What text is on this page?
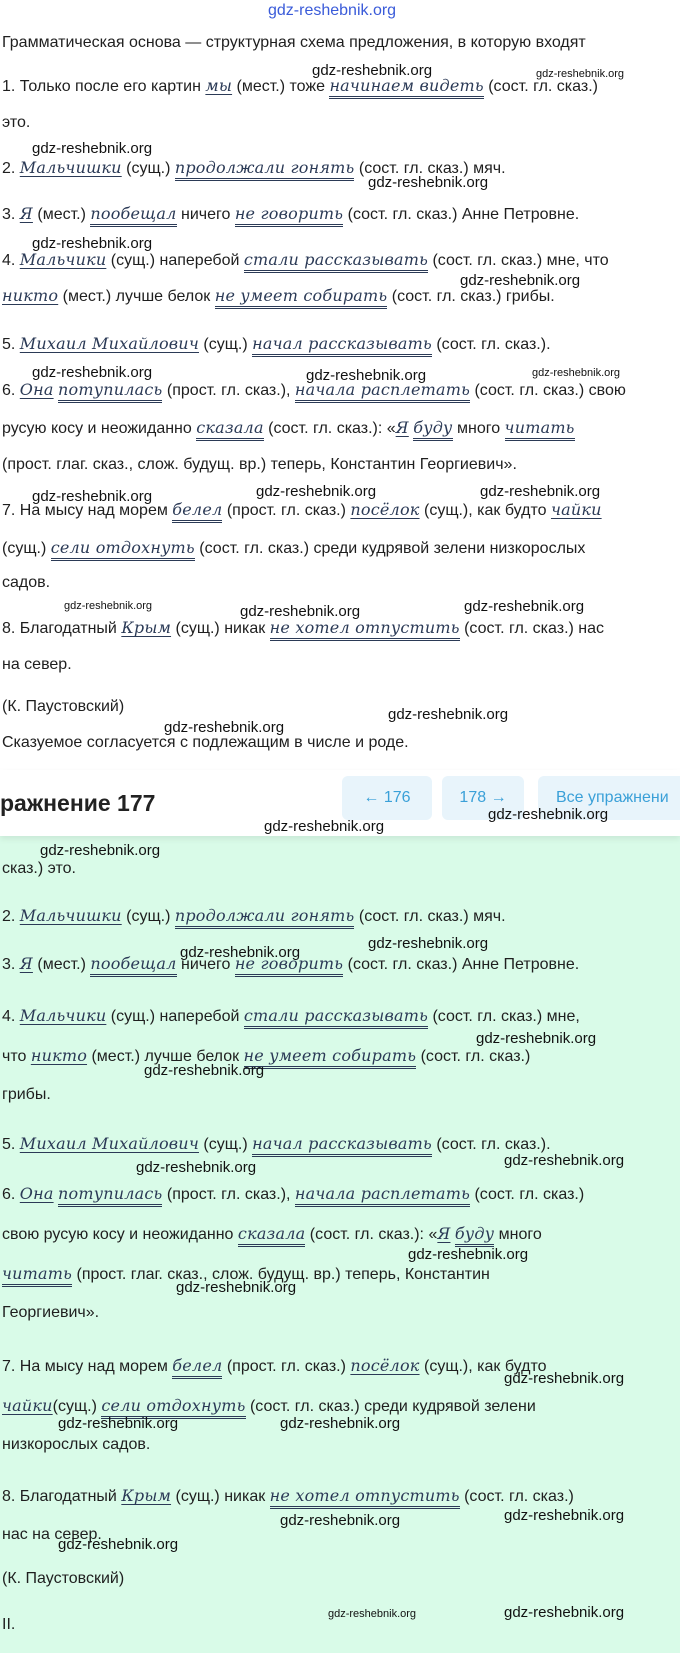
gdz-reshebnik.org
Грамматическая основа — структурная схема предложения, в которую входят
1. Только после его картин мы (мест.) тоже начинаем видеть (сост. гл. сказ.)
это.
2. Мальчишки (сущ.) продолжали гонять (сост. гл. сказ.) мяч.
3. Я (мест.) пообещал ничего не говорить (сост. гл. сказ.) Анне Петровне.
4. Мальчики (сущ.) наперебой стали рассказывать (сост. гл. сказ.) мне, что
никто (мест.) лучше белок не умеет собирать (сост. гл. сказ.) грибы.
5. Михаил Михайлович (сущ.) начал рассказывать (сост. гл. сказ.).
6. Она потупилась (прост. гл. сказ.), начала расплетать (сост. гл. сказ.) свою
русую косу и неожиданно сказала (сост. гл. сказ.): «Я буду много читать
(прост. глаг. сказ., слож. будущ. вр.) теперь, Константин Георгиевич».
7. На мысу над морем белел (прост. гл. сказ.) посёлок (сущ.), как будто чайки
(сущ.) сели отдохнуть (сост. гл. сказ.) среди кудрявой зелени низкорослых
садов.
8. Благодатный Крым (сущ.) никак не хотел отпустить (сост. гл. сказ.) нас
на север.
(К. Паустовский)
Сказуемое согласуется с подлежащим в числе и роде.
сказ.) это.
2. Мальчишки (сущ.) продолжали гонять (сост. гл. сказ.) мяч.
3. Я (мест.) пообещал ничего не говорить (сост. гл. сказ.) Анне Петровне.
4. Мальчики (сущ.) наперебой стали рассказывать (сост. гл. сказ.) мне,
что никто (мест.) лучше белок не умеет собирать (сост. гл. сказ.)
грибы.
5. Михаил Михайлович (сущ.) начал рассказывать (сост. гл. сказ.).
6. Она потупилась (прост. гл. сказ.), начала расплетать (сост. гл. сказ.)
свою русую косу и неожиданно сказала (сост. гл. сказ.): «Я буду много
читать (прост. глаг. сказ., слож. будущ. вр.) теперь, Константин
Георгиевич».
7. На мысу над морем белел (прост. гл. сказ.) посёлок (сущ.), как будто
чайки(сущ.) сели отдохнуть (сост. гл. сказ.) среди кудрявой зелени
низкорослых садов.
8. Благодатный Крым (сущ.) никак не хотел отпустить (сост. гл. сказ.)
нас на север.
(К. Паустовский)
II.
ражнение 177	← 176	178 →	Все упражнени
gdz-reshebnik.org	gdz-reshebnik.org
gdz-reshebnik.org
gdz-reshebnik.org
gdz-reshebnik.org
gdz-reshebnik.org
gdz-reshebnik.org	gdz-reshebnik.org	gdz-reshebnik.org
gdz-reshebnik.org	gdz-reshebnik.org	gdz-reshebnik.org
gdz-reshebnik.org	gdz-reshebnik.org	gdz-reshebnik.org
gdz-reshebnik.org
gdz-reshebnik.org
gdz-reshebnik.org
gdz-reshebnik.org
gdz-reshebnik.org
gdz-reshebnik.org
gdz-reshebnik.org
gdz-reshebnik.org
gdz-reshebnik.org
gdz-reshebnik.org
gdz-reshebnik.org
gdz-reshebnik.org
gdz-reshebnik.org
gdz-reshebnik.org
gdz-reshebnik.org	gdz-reshebnik.org
gdz-reshebnik.org
gdz-reshebnik.org
gdz-reshebnik.org
gdz-reshebnik.org	gdz-reshebnik.org
